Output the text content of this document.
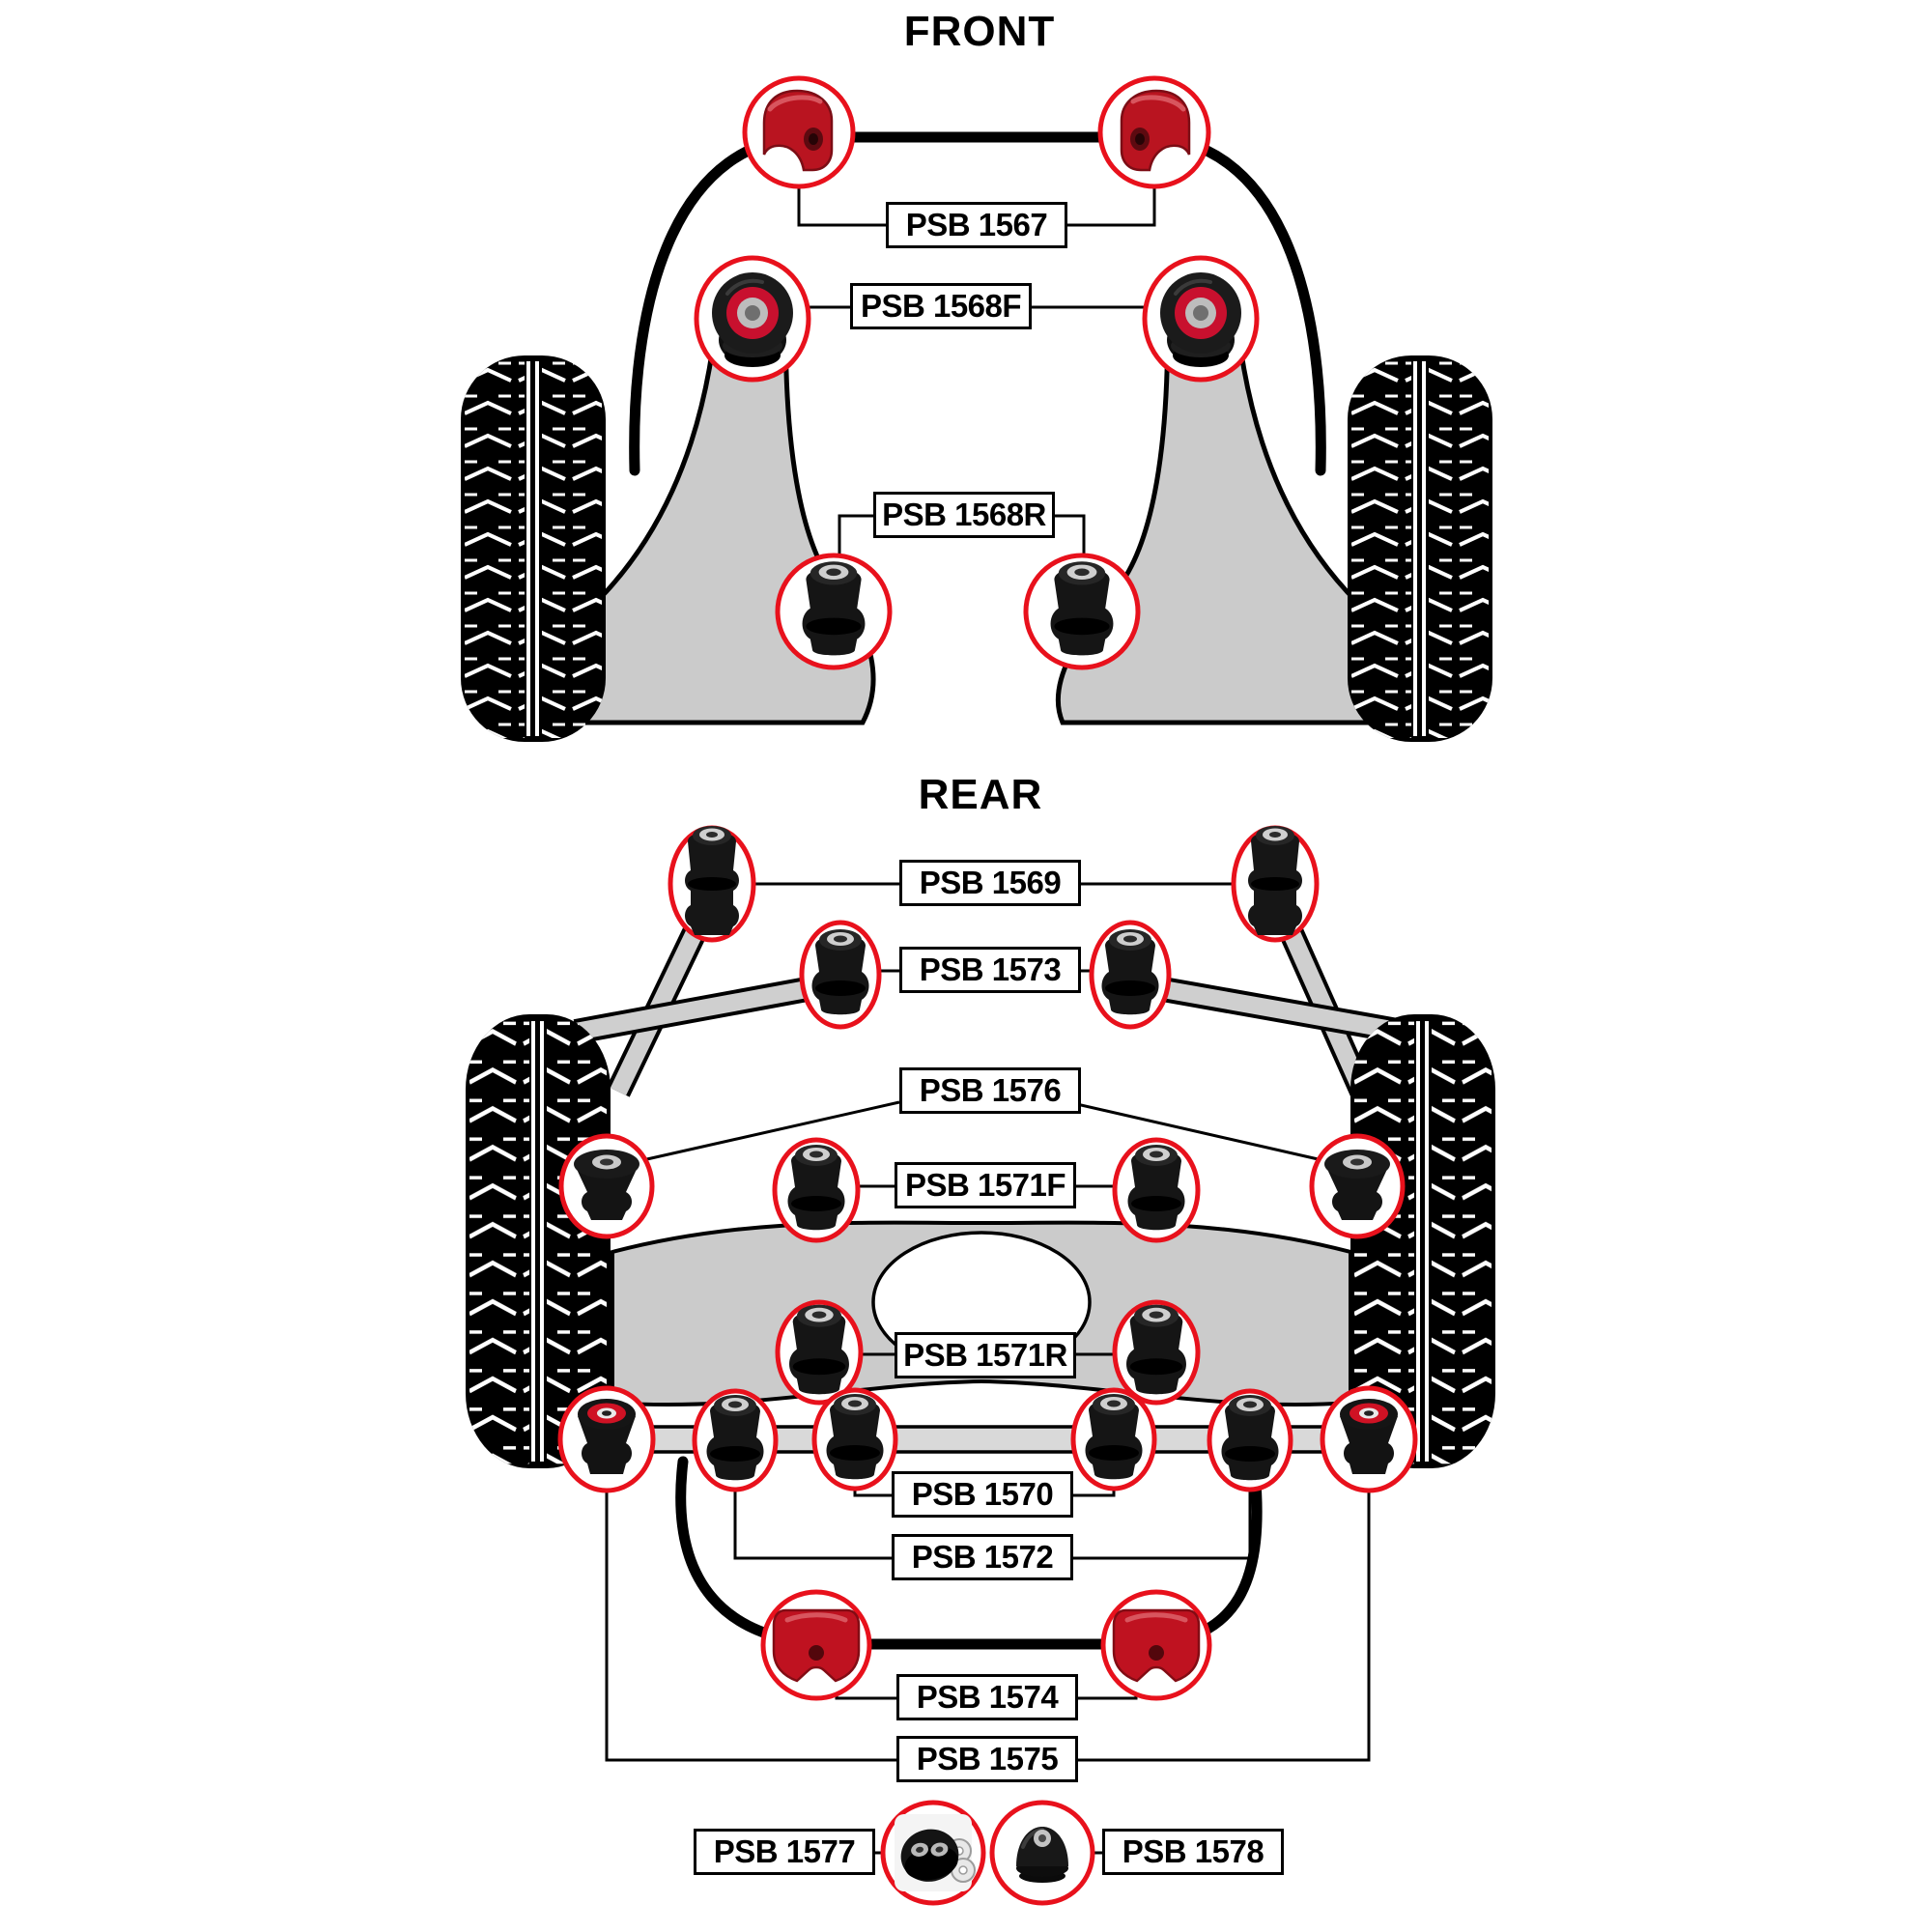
FRONT
REAR
PSB 1567
PSB 1568F
PSB 1568R
PSB 1569
PSB 1573
PSB 1576
PSB 1571F
PSB 1571R
PSB 1570
PSB 1572
PSB 1574
PSB 1575
PSB 1577	PSB 1578
